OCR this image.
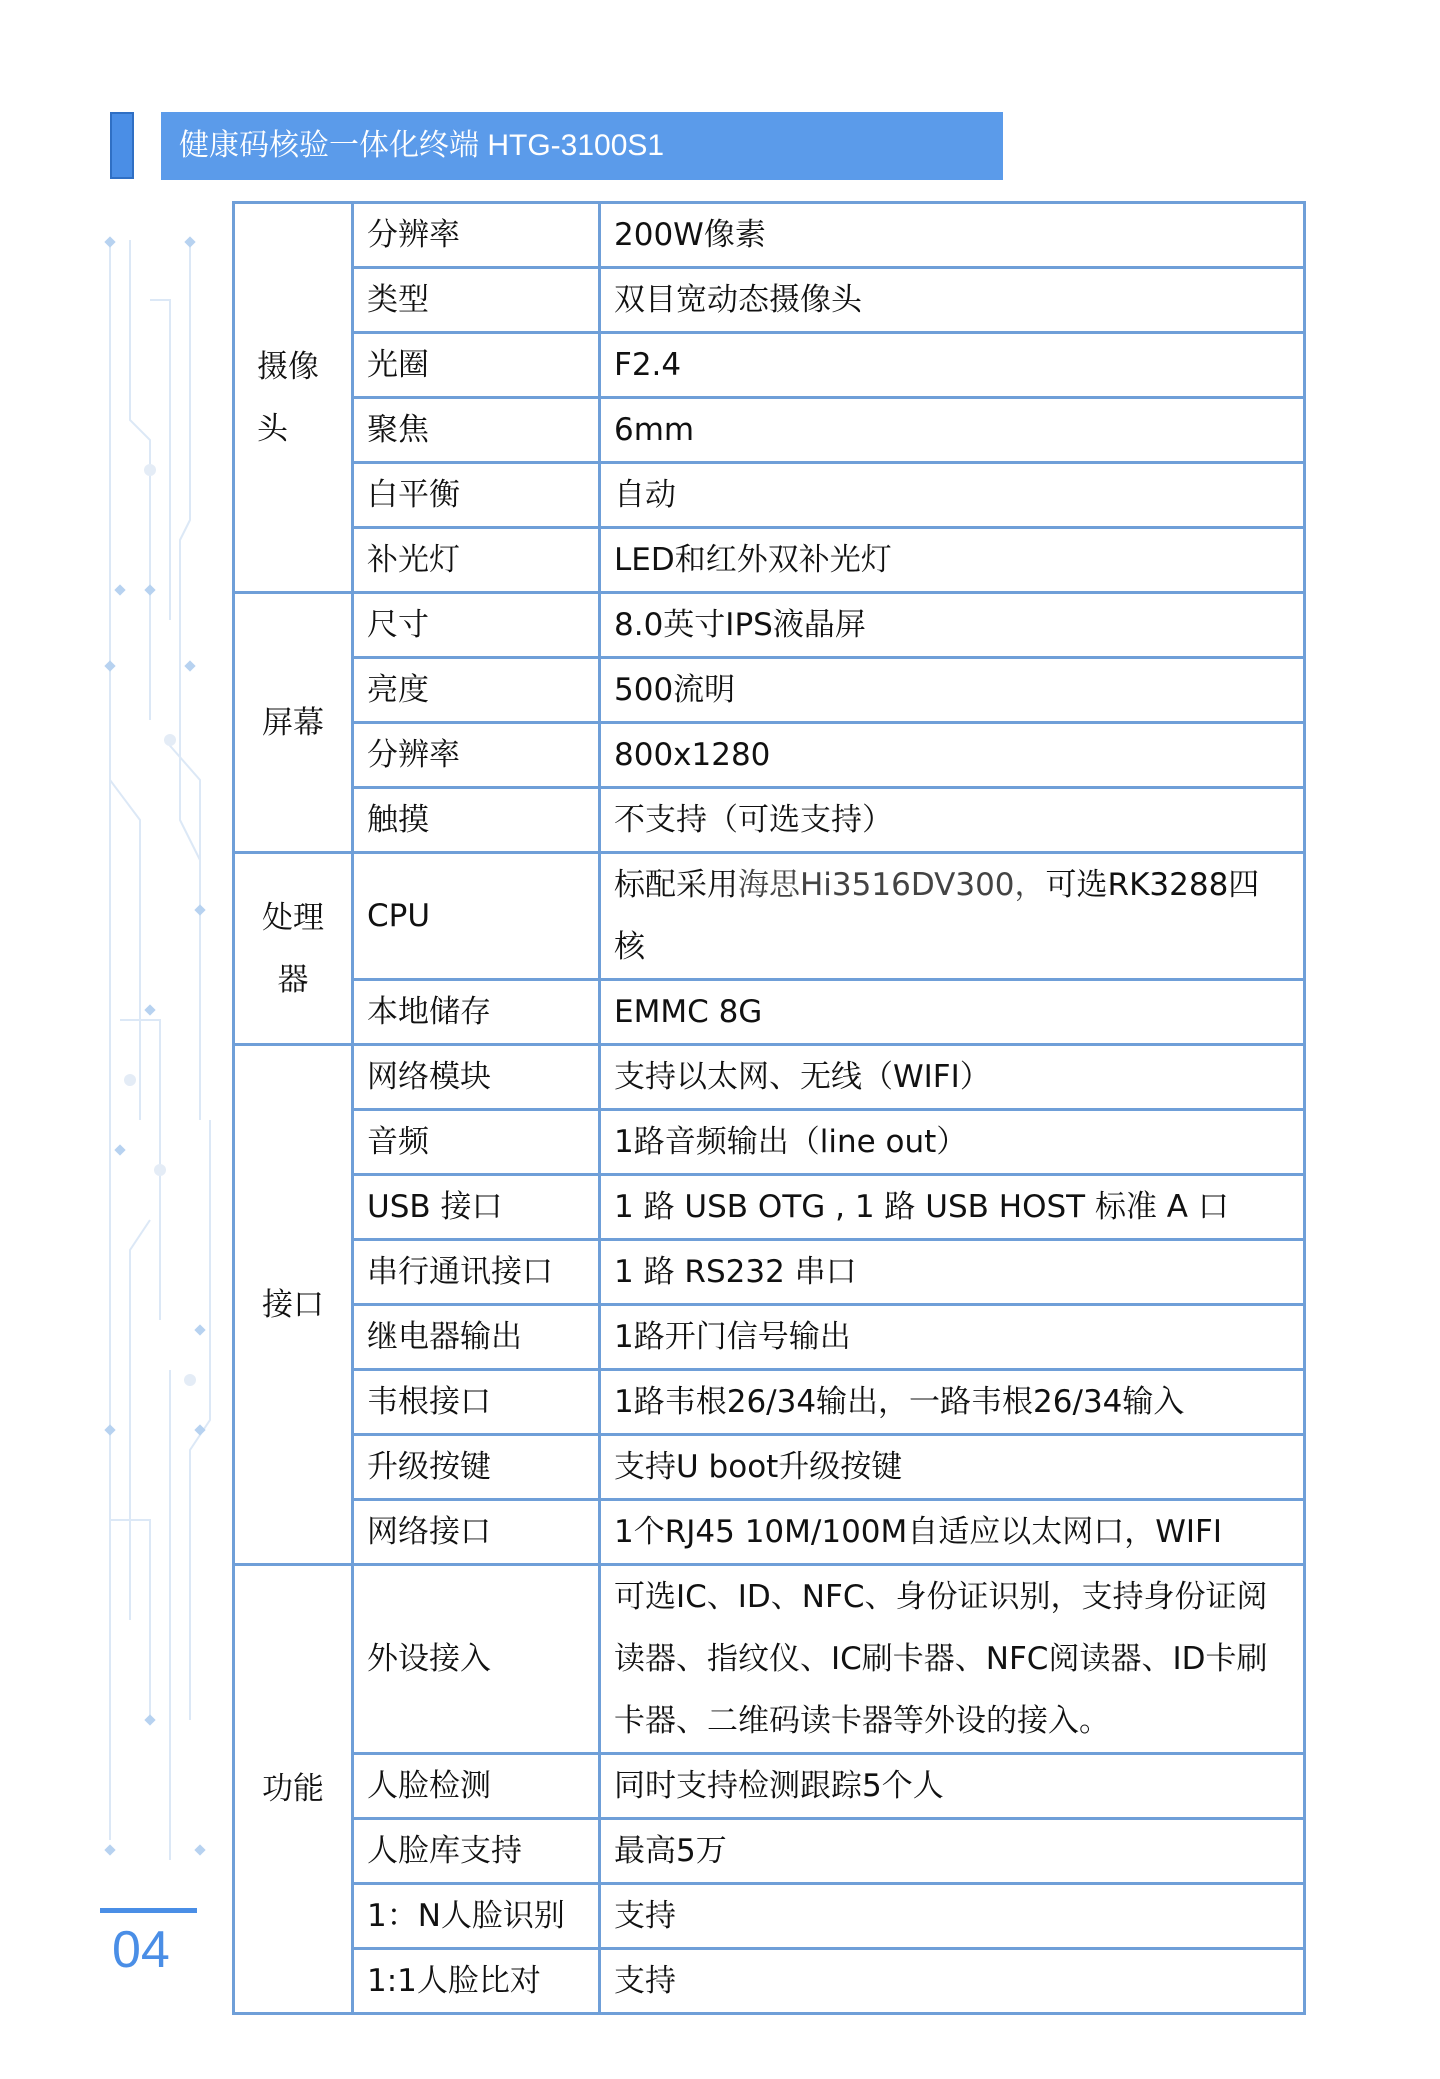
健康码核验一体化终端 HTG-3100S1
摄像头	分辨率	200W像素
	类型	双目宽动态摄像头
	光圈	F2.4
	聚焦	6mm
	白平衡	自动
	补光灯	LED和红外双补光灯
屏幕	尺寸	8.0英寸IPS液晶屏
	亮度	500流明
	分辨率	800x1280
	触摸	不支持（可选支持）
处理器	CPU	标配采用海思Hi3516DV300，可选RK3288四核
	本地储存	EMMC 8G
接口	网络模块	支持以太网、无线（WIFI）
	音频	1路音频输出（line out）
	USB 接口	1 路 USB OTG , 1 路 USB HOST 标准 A 口
	串行通讯接口	1 路 RS232 串口
	继电器输出	1路开门信号输出
	韦根接口	1路韦根26/34输出，一路韦根26/34输入
	升级按键	支持U boot升级按键
	网络接口	1个RJ45 10M/100M自适应以太网口，WIFI
功能	外设接入	可选IC、ID、NFC、身份证识别，支持身份证阅读器、指纹仪、IC刷卡器、NFC阅读器、ID卡刷卡器、二维码读卡器等外设的接入。
	人脸检测	同时支持检测跟踪5个人
	人脸库支持	最高5万
	1：N人脸识别	支持
	1:1人脸比对	支持
04
